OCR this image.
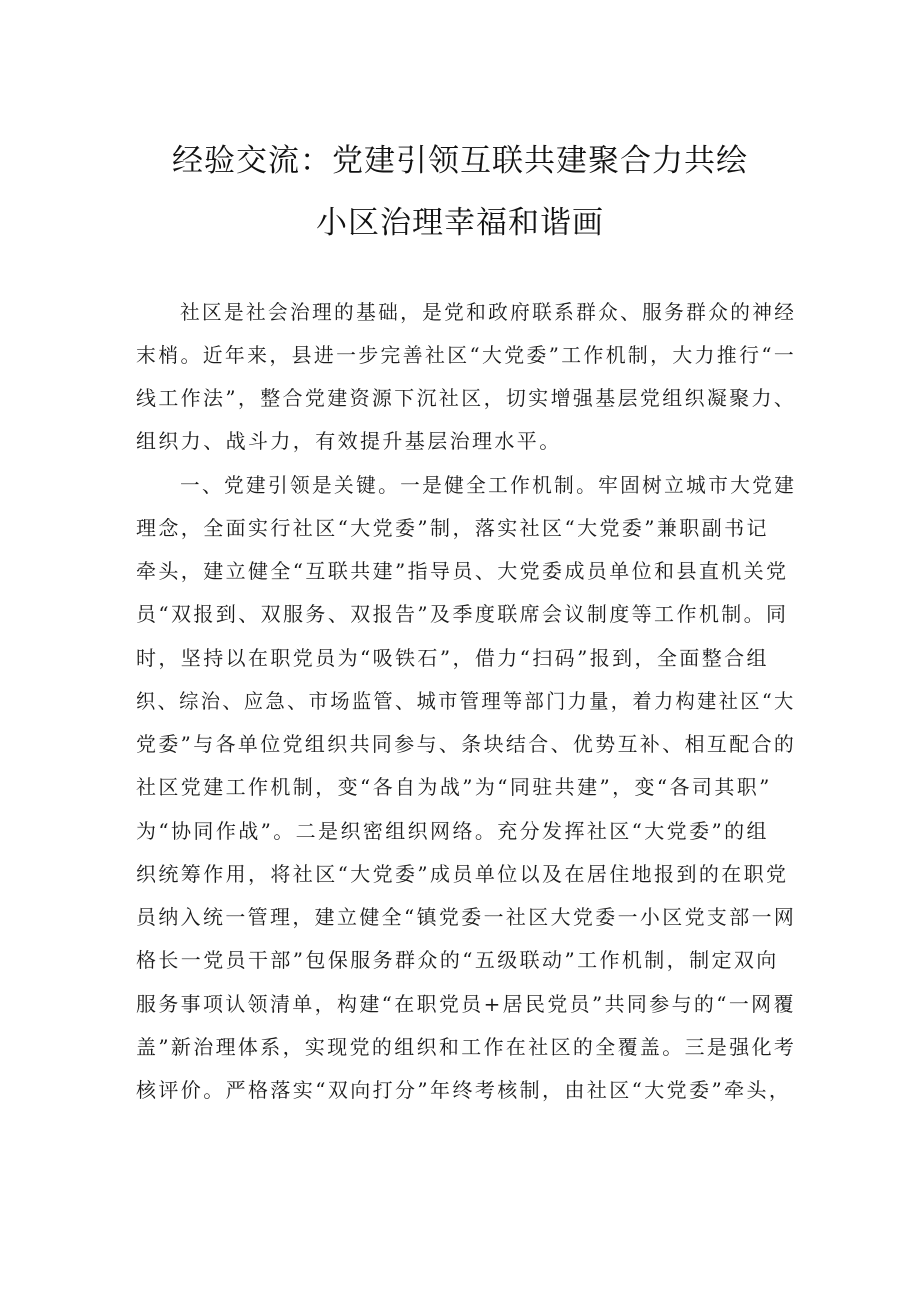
经验交流：党建引领互联共建聚合力共绘
小区治理幸福和谐画
社区是社会治理的基础，是党和政府联系群众、服务群众的神经
末梢。近年来，县进一步完善社区“大党委”工作机制，大力推行“一
线工作法”，整合党建资源下沉社区，切实增强基层党组织凝聚力、
组织力、战斗力，有效提升基层治理水平。
一、党建引领是关键。一是健全工作机制。牢固树立城市大党建
理念，全面实行社区“大党委”制，落实社区“大党委”兼职副书记
牵头，建立健全“互联共建”指导员、大党委成员单位和县直机关党
员“双报到、双服务、双报告”及季度联席会议制度等工作机制。同
时，坚持以在职党员为“吸铁石”，借力“扫码”报到，全面整合组
织、综治、应急、市场监管、城市管理等部门力量，着力构建社区“大
党委”与各单位党组织共同参与、条块结合、优势互补、相互配合的
社区党建工作机制，变“各自为战”为“同驻共建”，变“各司其职”
为“协同作战”。二是织密组织网络。充分发挥社区“大党委”的组
织统筹作用，将社区“大党委”成员单位以及在居住地报到的在职党
员纳入统一管理，建立健全“镇党委一社区大党委一小区党支部一网
格长一党员干部”包保服务群众的“五级联动”工作机制，制定双向
服务事项认领清单，构建“在职党员+居民党员”共同参与的“一网覆
盖”新治理体系，实现党的组织和工作在社区的全覆盖。三是强化考
核评价。严格落实“双向打分”年终考核制，由社区“大党委”牵头，
